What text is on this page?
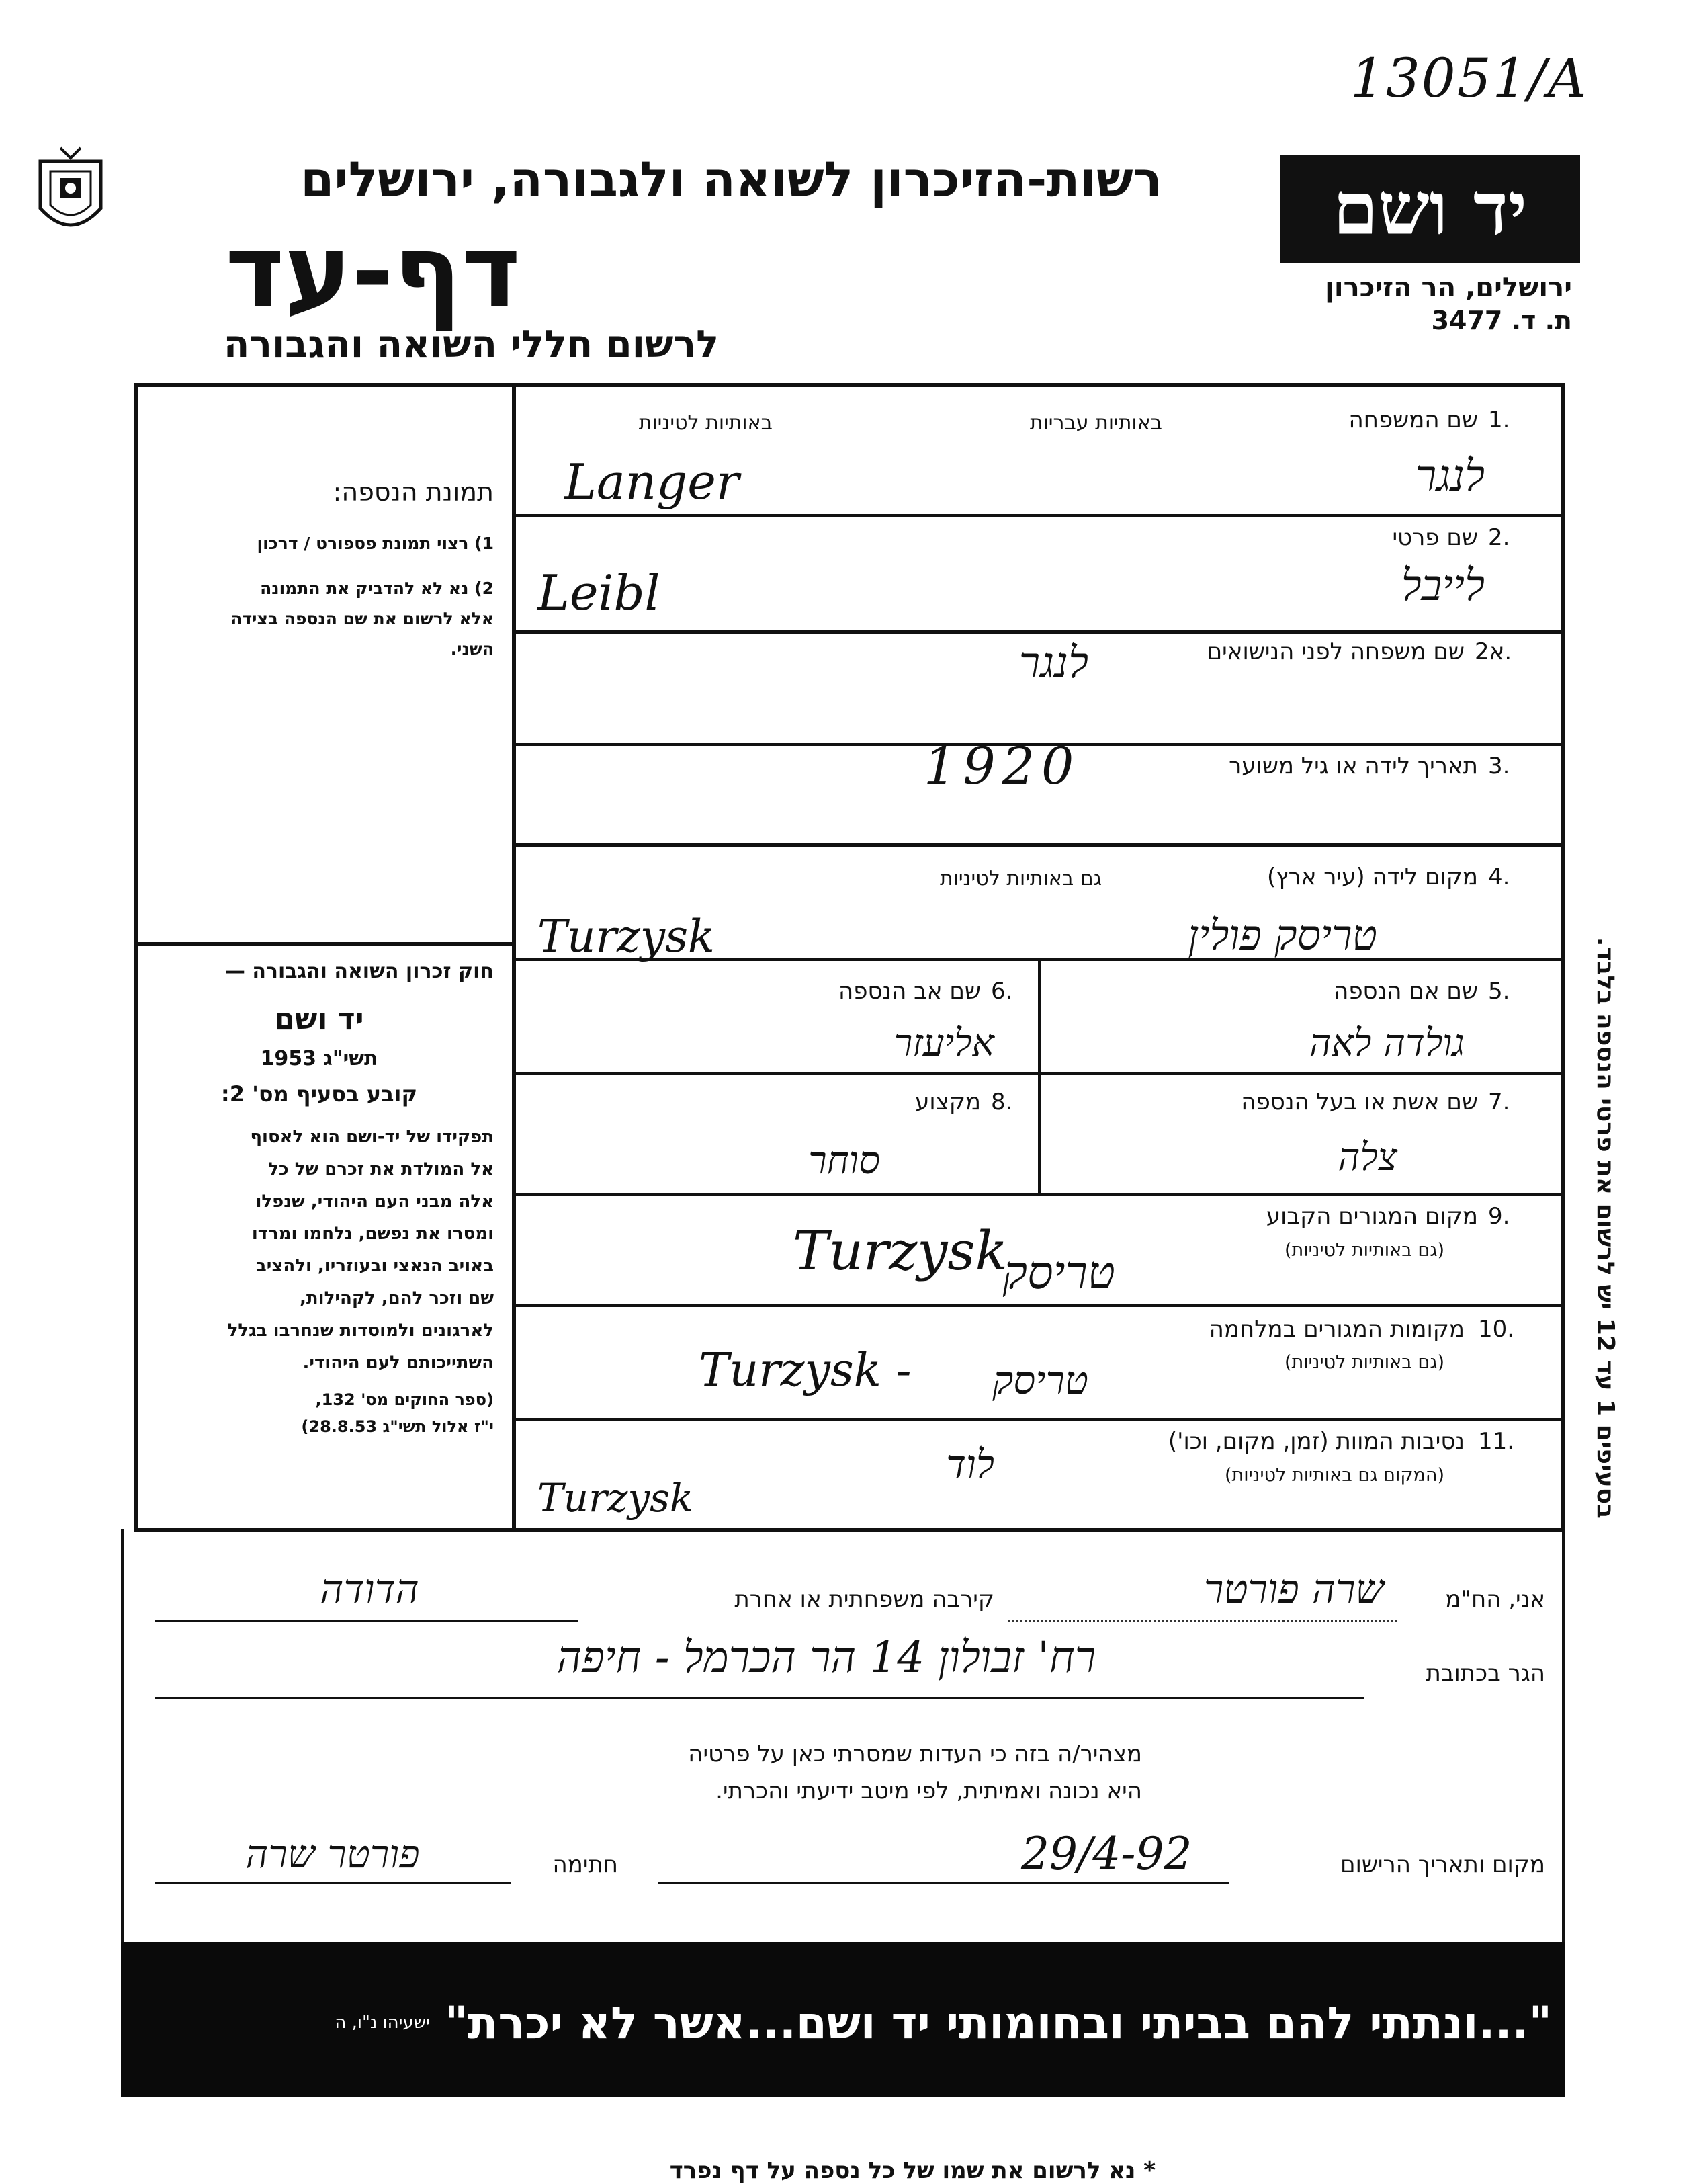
13051/A
רשות-הזיכרון לשואה ולגבורה, ירושלים
דף-עד
לרשום חללי השואה והגבורה
יד ושם
ירושלים, הר הזיכרון
ת. ד. 3477
תמונת הנספה:
1) רצוי תמונת פספורט / דרכון
2) נא לא להדביק את התמונה
אלא לרשום את שם הנספה בצידה
השני.
חוק זכרון השואה והגבורה —
יד ושם
תשי"ג 1953
קובע בסעיף מס' 2:
תפקידו של יד-ושם הוא לאסוף
אל המולדת את זכרם של כל
אלה מבני העם היהודי, שנפלו
ומסרו את נפשם, נלחמו ומרדו
באויב הנאצי ובעוזריו, ולהציב
שם וזכר להם, לקהילות,
לארגונים ולמוסדות שנחרבו בגלל
השתייכותם לעם היהודי.
(ספר החוקים מס' 132,
י"ז אלול תשי"ג 28.8.53)
1.
שם המשפחה
באותיות עבריות
באותיות לטיניות
לנגר
Langer
2.
שם פרטי
לייבל
Leibl
2א.
שם משפחה לפני הנישואים
לנגר
3.
תאריך לידה או גיל משוער
1920
4.
מקום לידה (עיר ארץ)
גם באותיות לטיניות
טריסק פולין
Turzysk
5.
שם אם הנספה
גולדה לאה
6.
שם אב הנספה
אליעזר
7.
שם אשת או בעל הנספה
צלה
8.
מקצוע
סוחר
9.
מקום המגורים הקבוע
(גם באותיות לטיניות)
טריסק
Turzysk
10.
מקומות המגורים במלחמה
(גם באותיות לטיניות)
טריסק
Turzysk -
11.
נסיבות המוות (זמן, מקום, וכו')
(המקום גם באותיות לטיניות)
לוד
Turzysk
בסעיפים 1 עד 12 יש לרשום את פרטי הנספה בלבד.
אני, הח"מ
שרה פורטר
קירבה משפחתית או אחרת
הדודה
הגר בכתובת
רח' זבולון 14 הר הכרמל - חיפה
מצהיר/ה בזה כי העדות שמסרתי כאן על פרטיה
היא נכונה ואמיתית, לפי מיטב ידיעתי והכרתי.
מקום ותאריך הרישום
29/4-92
חתימה
פורטר שרה
"...ונתתי להם בביתי ובחומותי יד ושם...אשר לא יכרת"
ישעיהו נ"ו, ה
* נא לרשום את שמו של כל נספה על דף נפרד
